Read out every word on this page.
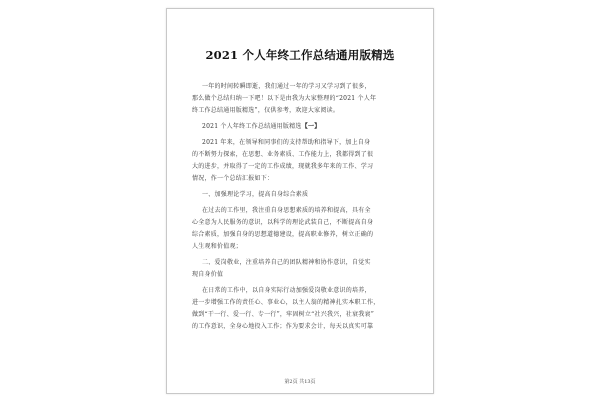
2021 个人年终工作总结通用版精选
一年的时间转瞬即逝，我们通过一年的学习又学习到了很多，
那么做个总结归纳一下吧！以下是由我为大家整理的“2021 个人年
终工作总结通用版精选”，仅供参考，欢迎大家阅读。
2021 个人年终工作总结通用版精选【一】
2021 年来，在领导和同事们的支持帮助和指导下，加上自身
的不断努力探索，在思想、业务素质、工作能力上，我都得到了很
大的进步，并取得了一定的工作成绩，现就我多年来的工作、学习
情况，作一个总结汇报如下：
一、加强理论学习，提高自身综合素质
在过去的工作里，我注重自身思想素质的培养和提高，具有全
心全意为人民服务的意识，以科学的理论武装自己，不断提高自身
综合素质，加强自身的思想道德建设，提高职业修养，树立正确的
人生观和价值观；
二、爱岗敬业，注重培养自己的团队精神和协作意识，自觉实
现自身价值
在日常的工作中，以自身实际行动加强爱岗敬业意识的培养，
进一步增强工作的责任心、事业心，以主人翁的精神扎实本职工作，
做到“干一行、爱一行、专一行”，牢固树立“社兴我兴，社衰我衰”
的工作意识，全身心地投入工作；作为要求会计，每天以真实可靠
第2页 共13页
